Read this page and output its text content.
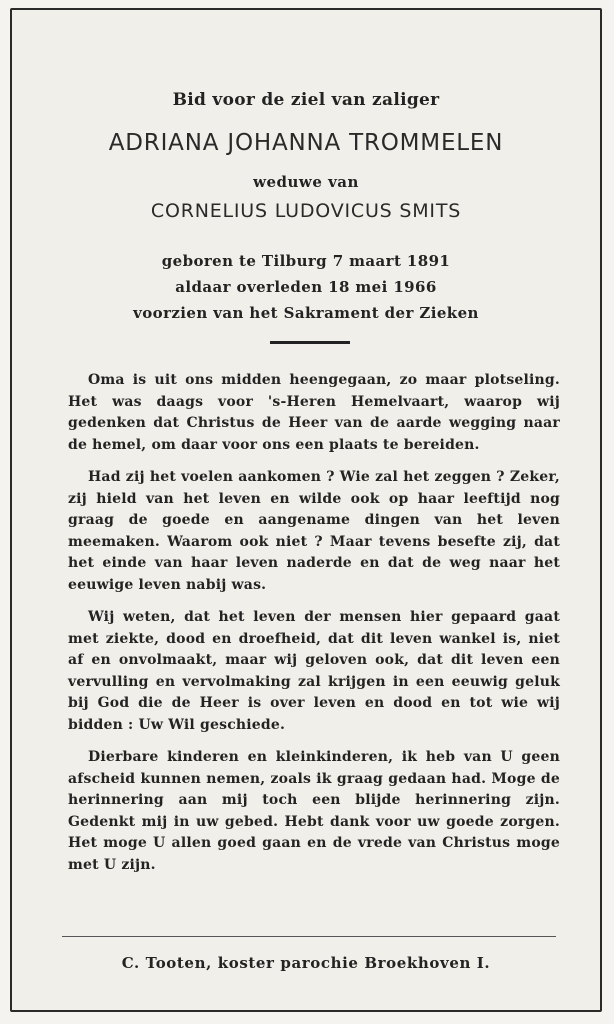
Bid voor de ziel van zaliger
ADRIANA JOHANNA TROMMELEN
weduwe van
CORNELIUS LUDOVICUS SMITS
geboren te Tilburg 7 maart 1891
aldaar overleden 18 mei 1966
voorzien van het Sakrament der Zieken

Oma is uit ons midden heengegaan, zo maar plotseling. Het was daags voor 's-Heren Hemelvaart, waarop wij gedenken dat Christus de Heer van de aarde wegging naar de hemel, om daar voor ons een plaats te bereiden.

Had zij het voelen aankomen ? Wie zal het zeggen ? Zeker, zij hield van het leven en wilde ook op haar leeftijd nog graag de goede en aangename dingen van het leven meemaken. Waarom ook niet ? Maar tevens besefte zij, dat het einde van haar leven naderde en dat de weg naar het eeuwige leven nabij was.

Wij weten, dat het leven der mensen hier gepaard gaat met ziekte, dood en droefheid, dat dit leven wankel is, niet af en onvolmaakt, maar wij geloven ook, dat dit leven een vervulling en vervolmaking zal krijgen in een eeuwig geluk bij God die de Heer is over leven en dood en tot wie wij bidden : Uw Wil geschiede.

Dierbare kinderen en kleinkinderen, ik heb van U geen afscheid kunnen nemen, zoals ik graag gedaan had. Moge de herinnering aan mij toch een blijde herinnering zijn. Gedenkt mij in uw gebed. Hebt dank voor uw goede zorgen. Het moge U allen goed gaan en de vrede van Christus moge met U zijn.

C. Tooten, koster parochie Broekhoven I.
